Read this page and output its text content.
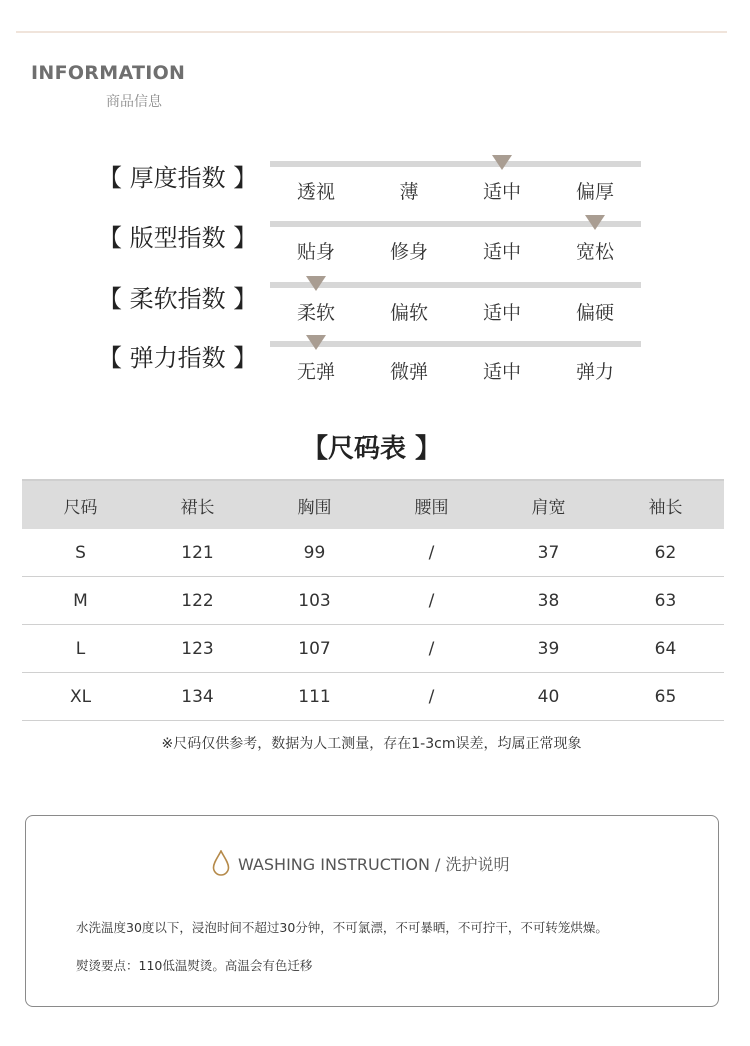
INFORMATION
商品信息
【 厚度指数 】	透视	薄	适中	偏厚
【 版型指数 】	贴身	修身	适中	宽松
【 柔软指数 】	柔软	偏软	适中	偏硬
【 弹力指数 】	无弹	微弹	适中	弹力
【尺码表 】
尺码	裙长	胸围	腰围	肩宽	袖长
S	121	99	/	37	62
M	122	103	/	38	63
L	123	107	/	39	64
XL	134	111	/	40	65
※尺码仅供参考，数据为人工测量，存在1-3cm误差，均属正常现象
WASHING INSTRUCTION / 洗护说明
水洗温度30度以下，浸泡时间不超过30分钟，不可氯漂，不可暴晒，不可拧干，不可转笼烘燥。
熨烫要点：110低温熨烫。高温会有色迁移
